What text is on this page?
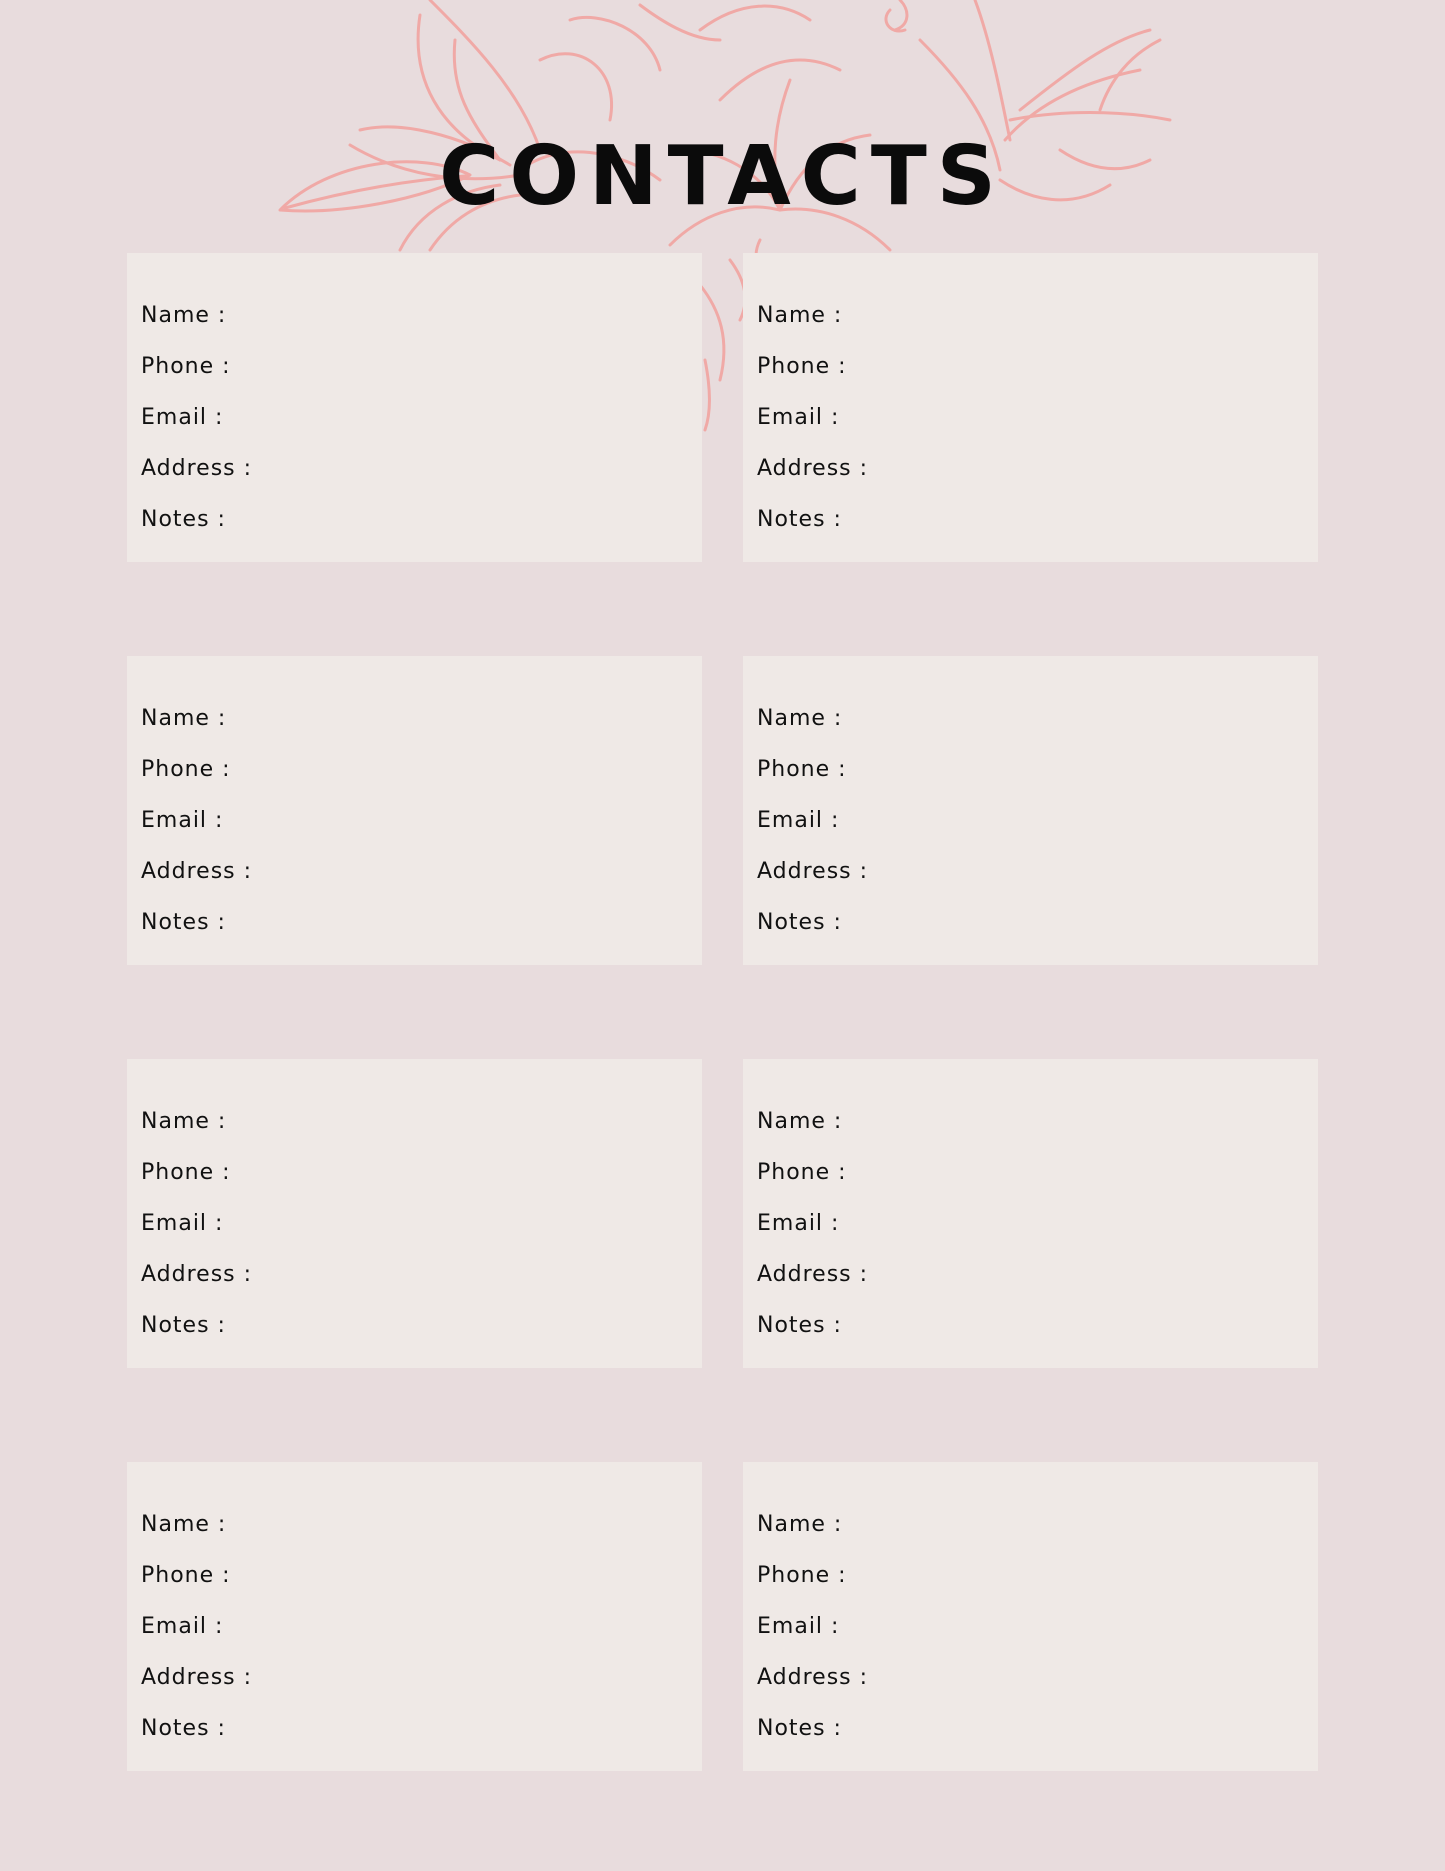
CONTACTS
Name :
Phone :
Email :
Address :
Notes :
Name :
Phone :
Email :
Address :
Notes :
Name :
Phone :
Email :
Address :
Notes :
Name :
Phone :
Email :
Address :
Notes :
Name :
Phone :
Email :
Address :
Notes :
Name :
Phone :
Email :
Address :
Notes :
Name :
Phone :
Email :
Address :
Notes :
Name :
Phone :
Email :
Address :
Notes :
